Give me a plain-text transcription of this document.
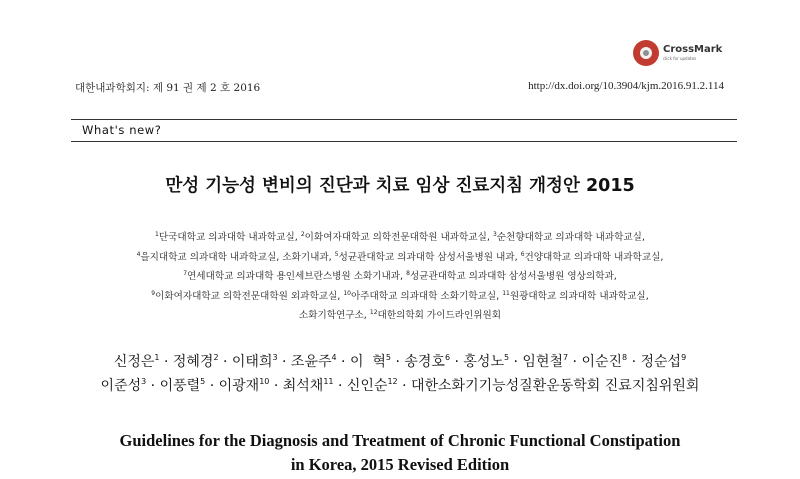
CrossMark
click for updates
대한내과학회지: 제 91 권 제 2 호 2016	http://dx.doi.org/10.3904/kjm.2016.91.2.114
What's new?
만성 기능성 변비의 진단과 치료 임상 진료지침 개정안 2015
$^1$단국대학교 의과대학 내과학교실, $^2$이화여자대학교 의학전문대학원 내과학교실, $^3$순천향대학교 의과대학 내과학교실,
$^4$을지대학교 의과대학 내과학교실, 소화기내과, $^5$성균관대학교 의과대학 삼성서울병원 내과, $^6$건양대학교 의과대학 내과학교실,
$^7$연세대학교 의과대학 용인세브란스병원 소화기내과, $^8$성균관대학교 의과대학 삼성서울병원 영상의학과,
$^9$이화여자대학교 의학전문대학원 외과학교실, $^{10}$아주대학교 의과대학 소화기학교실, $^{11}$원광대학교 의과대학 내과학교실,
소화기학연구소, $^{12}$대한의학회 가이드라인위원회
신정은$^1$ · 정혜경$^2$ · 이태희$^3$ · 조윤주$^4$ · 이  혁$^5$ · 송경호$^6$ · 홍성노$^5$ · 임현철$^7$ · 이순진$^8$ · 정순섭$^9$
이준성$^3$ · 이풍렬$^5$ · 이광재$^{10}$ · 최석채$^{11}$ · 신인순$^{12}$ · 대한소화기기능성질환운동학회 진료지침위원회
Guidelines for the Diagnosis and Treatment of Chronic Functional Constipation
in Korea, 2015 Revised Edition
